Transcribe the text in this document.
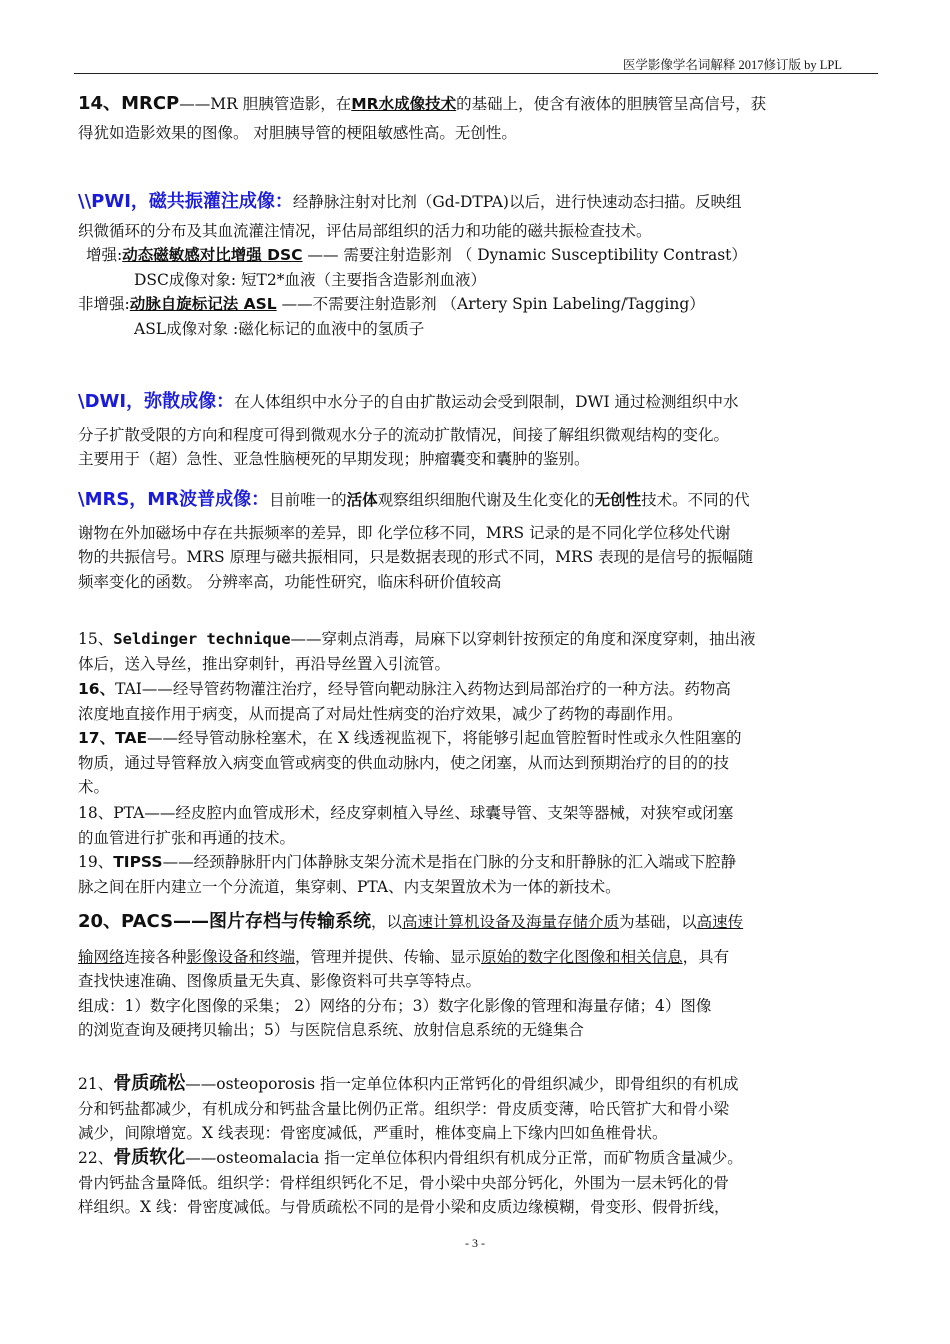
医学影像学名词解释 2017修订版 by LPL
14、MRCP——MR 胆胰管造影，在MR水成像技术的基础上，使含有液体的胆胰管呈高信号，获
得犹如造影效果的图像。 对胆胰导管的梗阻敏感性高。无创性。
\\PWI，磁共振灌注成像：经静脉注射对比剂（Gd-DTPA)以后，进行快速动态扫描。反映组
织微循环的分布及其血流灌注情况，评估局部组织的活力和功能的磁共振检查技术。
增强:动态磁敏感对比增强 DSC —— 需要注射造影剂 （ Dynamic Susceptibility Contrast）
DSC成像对象: 短T2*血液（主要指含造影剂血液）
非增强:动脉自旋标记法 ASL ——不需要注射造影剂 （Artery Spin Labeling/Tagging）
ASL成像对象 :磁化标记的血液中的氢质子
\DWI，弥散成像：在人体组织中水分子的自由扩散运动会受到限制，DWI 通过检测组织中水
分子扩散受限的方向和程度可得到微观水分子的流动扩散情况，间接了解组织微观结构的变化。
主要用于（超）急性、亚急性脑梗死的早期发现；肿瘤囊变和囊肿的鉴别。
\MRS，MR波普成像：目前唯一的活体观察组织细胞代谢及生化变化的无创性技术。不同的代
谢物在外加磁场中存在共振频率的差异，即 化学位移不同，MRS 记录的是不同化学位移处代谢
物的共振信号。MRS 原理与磁共振相同，只是数据表现的形式不同，MRS 表现的是信号的振幅随
频率变化的函数。 分辨率高，功能性研究，临床科研价值较高
15、Seldinger technique——穿刺点消毒，局麻下以穿刺针按预定的角度和深度穿刺，抽出液
体后，送入导丝，推出穿刺针，再沿导丝置入引流管。
16、TAI——经导管药物灌注治疗，经导管向靶动脉注入药物达到局部治疗的一种方法。药物高
浓度地直接作用于病变，从而提高了对局灶性病变的治疗效果，减少了药物的毒副作用。
17、TAE——经导管动脉栓塞术，在 X 线透视监视下，将能够引起血管腔暂时性或永久性阻塞的
物质，通过导管释放入病变血管或病变的供血动脉内，使之闭塞，从而达到预期治疗的目的的技
术。
18、PTA——经皮腔内血管成形术，经皮穿刺植入导丝、球囊导管、支架等器械，对狭窄或闭塞
的血管进行扩张和再通的技术。
19、TIPSS——经颈静脉肝内门体静脉支架分流术是指在门脉的分支和肝静脉的汇入端或下腔静
脉之间在肝内建立一个分流道，集穿刺、PTA、内支架置放术为一体的新技术。
20、PACS——图片存档与传输系统，以高速计算机设备及海量存储介质为基础，以高速传
输网络连接各种影像设备和终端，管理并提供、传输、显示原始的数字化图像和相关信息，具有
查找快速准确、图像质量无失真、影像资料可共享等特点。
组成：1）数字化图像的采集； 2）网络的分布；3）数字化影像的管理和海量存储；4）图像
的浏览查询及硬拷贝输出；5）与医院信息系统、放射信息系统的无缝集合
21、骨质疏松——osteoporosis 指一定单位体积内正常钙化的骨组织减少，即骨组织的有机成
分和钙盐都减少，有机成分和钙盐含量比例仍正常。组织学：骨皮质变薄，哈氏管扩大和骨小梁
减少，间隙增宽。X 线表现：骨密度减低，严重时，椎体变扁上下缘内凹如鱼椎骨状。
22、骨质软化——osteomalacia 指一定单位体积内骨组织有机成分正常，而矿物质含量减少。
骨内钙盐含量降低。组织学：骨样组织钙化不足，骨小梁中央部分钙化，外围为一层未钙化的骨
样组织。X 线：骨密度减低。与骨质疏松不同的是骨小梁和皮质边缘模糊，骨变形、假骨折线，
- 3 -
